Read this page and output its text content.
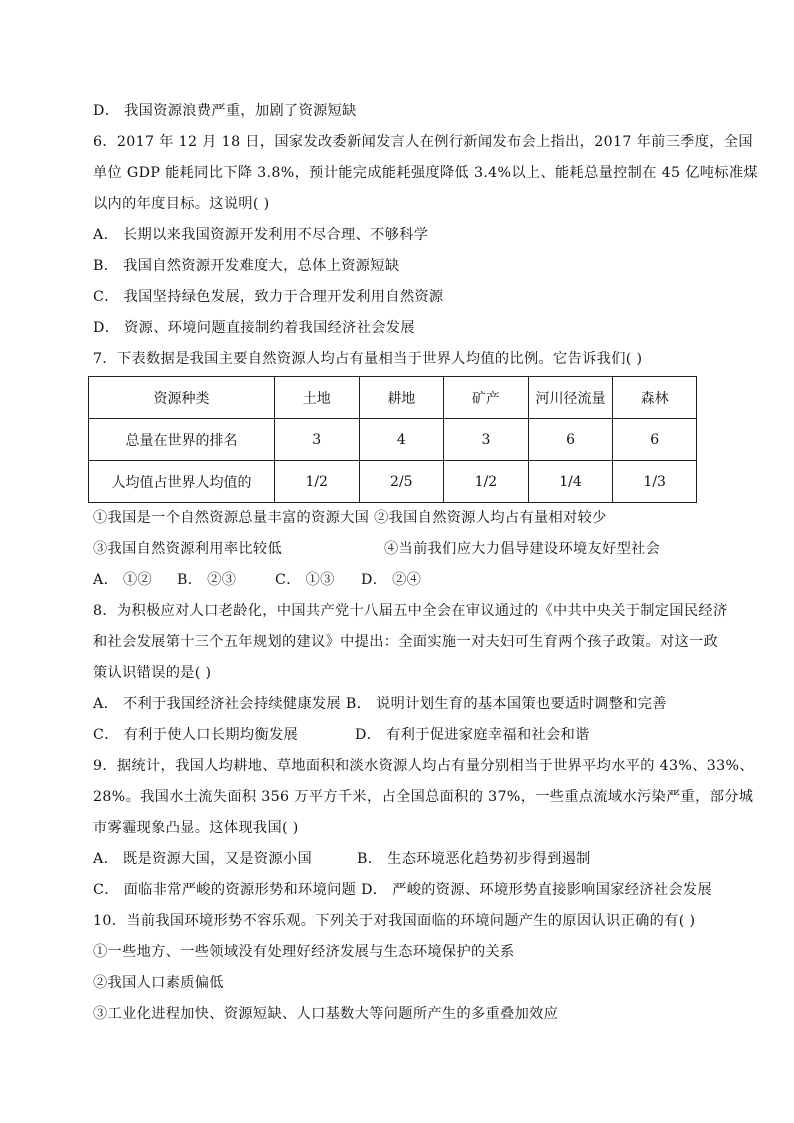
D． 我国资源浪费严重，加剧了资源短缺
6．2017 年 12 月 18 日，国家发改委新闻发言人在例行新闻发布会上指出，2017 年前三季度，全国
单位 GDP 能耗同比下降 3.8%，预计能完成能耗强度降低 3.4%以上、能耗总量控制在 45 亿吨标准煤
以内的年度目标。这说明( )
A． 长期以来我国资源开发利用不尽合理、不够科学
B． 我国自然资源开发难度大，总体上资源短缺
C． 我国坚持绿色发展，致力于合理开发利用自然资源
D． 资源、环境问题直接制约着我国经济社会发展
7．下表数据是我国主要自然资源人均占有量相当于世界人均值的比例。它告诉我们( )
资源种类	土地	耕地	矿产	河川径流量	森林
总量在世界的排名	3	4	3	6	6
人均值占世界人均值的	1/2	2/5	1/2	1/4	1/3
①我国是一个自然资源总量丰富的资源大国 ②我国自然资源人均占有量相对较少
③我国自然资源利用率比较低	④当前我们应大力倡导建设环境友好型社会
A． ①② B． ②③	C． ①③ D． ②④
8．为积极应对人口老龄化，中国共产党十八届五中全会在审议通过的《中共中央关于制定国民经济
和社会发展第十三个五年规划的建议》中提出：全面实施一对夫妇可生育两个孩子政策。对这一政
策认识错误的是( )
A． 不利于我国经济社会持续健康发展 B． 说明计划生育的基本国策也要适时调整和完善
C． 有利于使人口长期均衡发展	D． 有利于促进家庭幸福和社会和谐
9．据统计，我国人均耕地、草地面积和淡水资源人均占有量分别相当于世界平均水平的 43%、33%、
28%。我国水土流失面积 356 万平方千米，占全国总面积的 37%，一些重点流域水污染严重，部分城
市雾霾现象凸显。这体现我国( )
A． 既是资源大国，又是资源小国	B． 生态环境恶化趋势初步得到遏制
C． 面临非常严峻的资源形势和环境问题 D． 严峻的资源、环境形势直接影响国家经济社会发展
10．当前我国环境形势不容乐观。下列关于对我国面临的环境问题产生的原因认识正确的有( )
①一些地方、一些领域没有处理好经济发展与生态环境保护的关系
②我国人口素质偏低
③工业化进程加快、资源短缺、人口基数大等问题所产生的多重叠加效应
